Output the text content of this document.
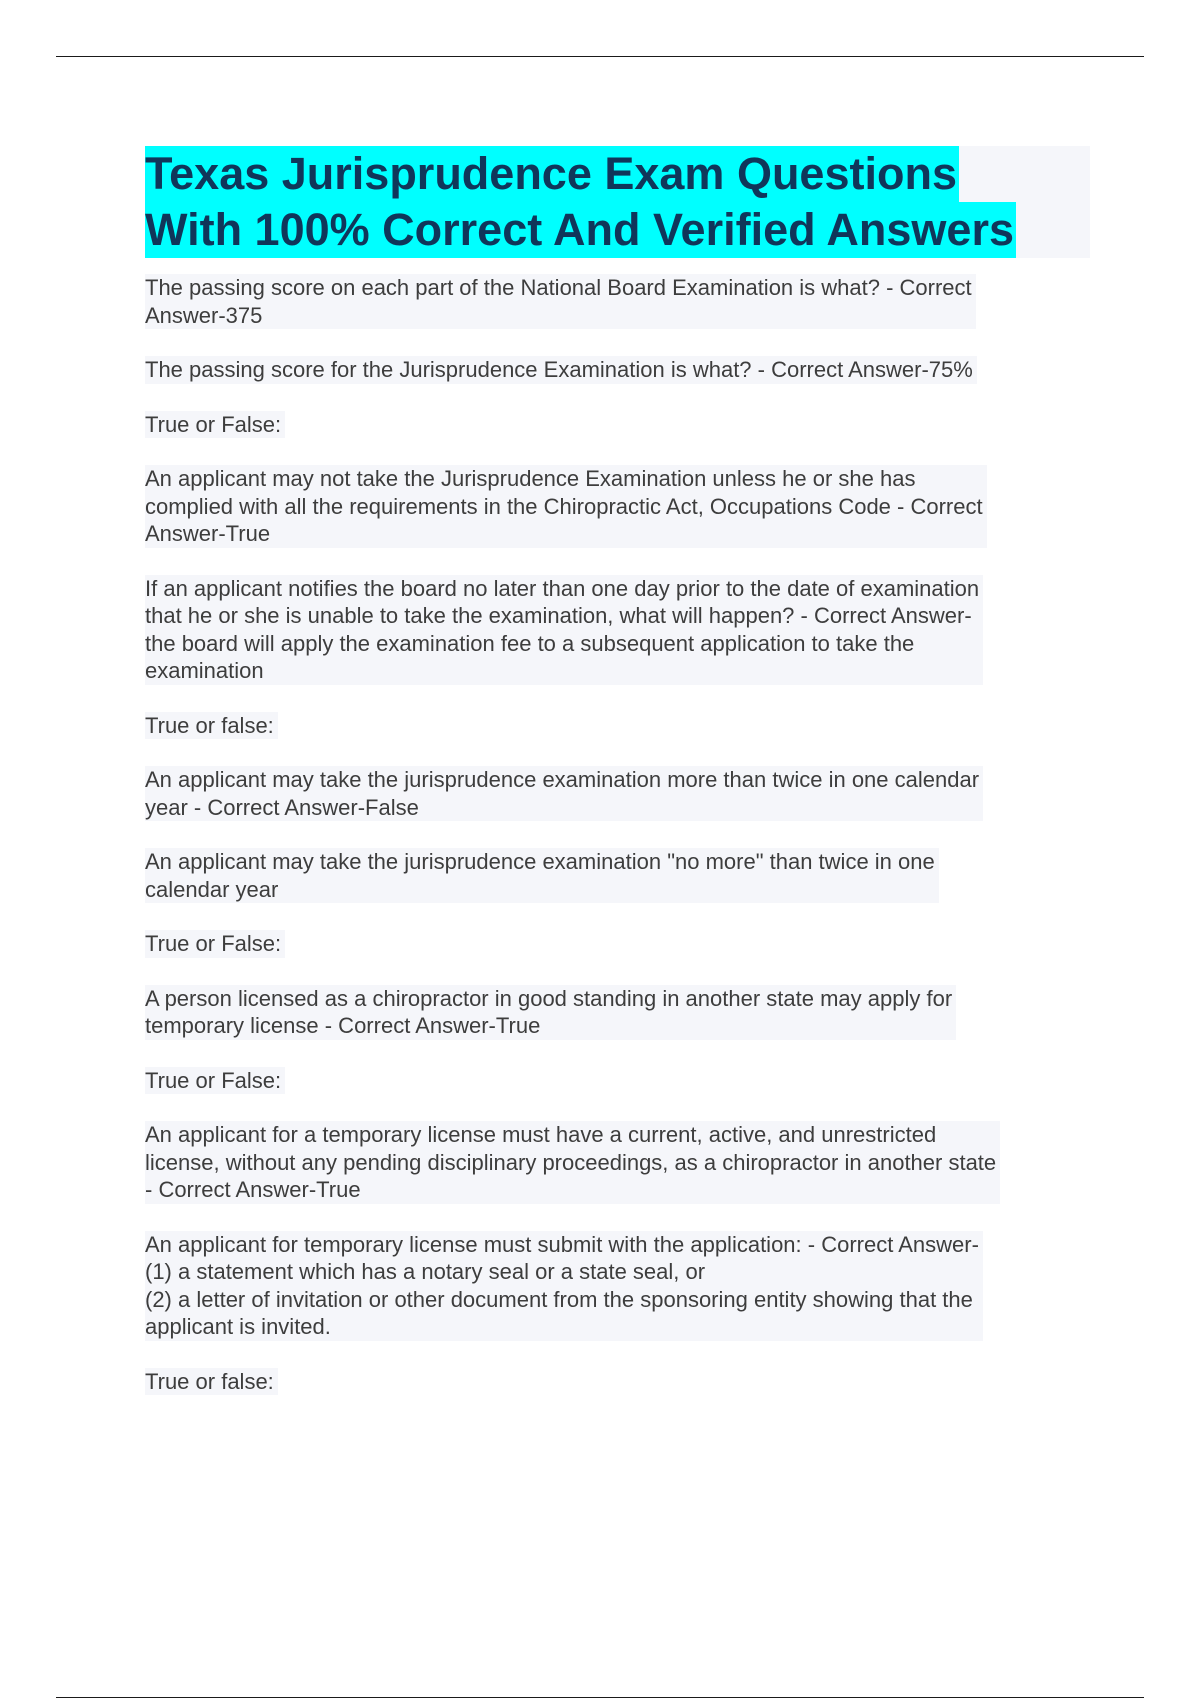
Texas Jurisprudence Exam Questions
With 100% Correct And Verified Answers
The passing score on each part of the National Board Examination is what? - Correct
Answer-375
The passing score for the Jurisprudence Examination is what? - Correct Answer-75%
True or False:
An applicant may not take the Jurisprudence Examination unless he or she has
complied with all the requirements in the Chiropractic Act, Occupations Code - Correct
Answer-True
If an applicant notifies the board no later than one day prior to the date of examination
that he or she is unable to take the examination, what will happen? - Correct Answer-
the board will apply the examination fee to a subsequent application to take the
examination
True or false:
An applicant may take the jurisprudence examination more than twice in one calendar
year - Correct Answer-False
An applicant may take the jurisprudence examination "no more" than twice in one
calendar year
True or False:
A person licensed as a chiropractor in good standing in another state may apply for
temporary license - Correct Answer-True
True or False:
An applicant for a temporary license must have a current, active, and unrestricted
license, without any pending disciplinary proceedings, as a chiropractor in another state
- Correct Answer-True
An applicant for temporary license must submit with the application: - Correct Answer-
(1) a statement which has a notary seal or a state seal, or
(2) a letter of invitation or other document from the sponsoring entity showing that the
applicant is invited.
True or false:
